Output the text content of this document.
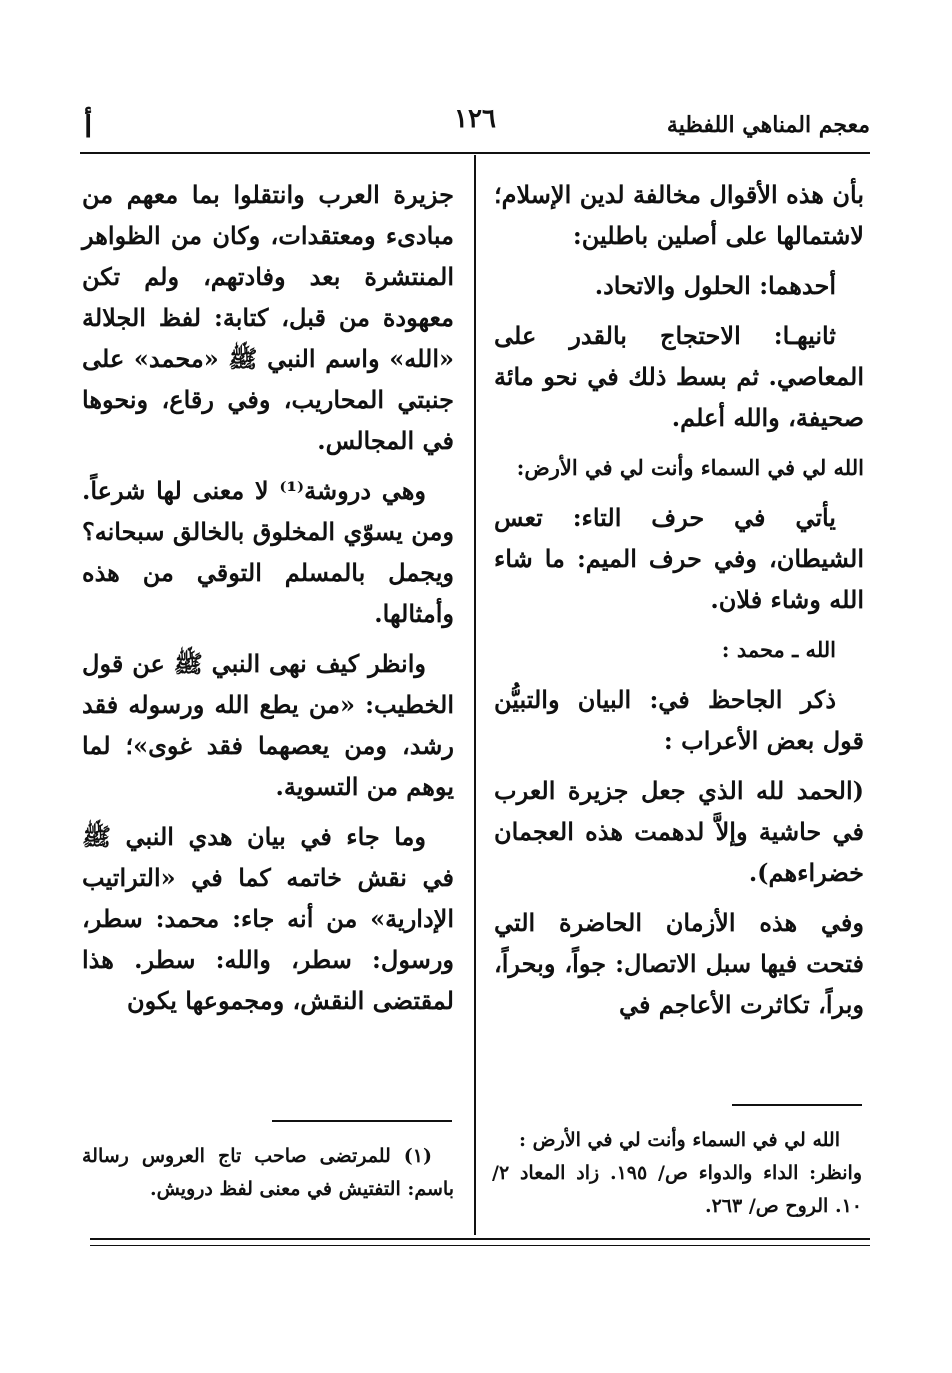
معجم المناهي اللفظية
١٢٦
أ

بأن هذه الأقوال مخالفة لدين الإسلام؛ لاشتمالها على أصلين باطلين:

أحدهما: الحلول والاتحاد.

ثانيهـا: الاحتجاج بالقدر على المعاصي. ثم بسط ذلك في نحو مائة صحيفة، والله أعلم.

الله لي في السماء وأنت لي في الأرض:

يأتي في حرف التاء: تعس الشيطان، وفي حرف الميم: ما شاء الله وشاء فلان.

الله ـ محمد :

ذكر الجاحظ في: البيان والتبيُّن قول بعض الأعراب :

(الحمد لله الذي جعل جزيرة العرب في حاشية وإلاَّ لدهمت هذه العجمان خضراءهم).

وفي هذه الأزمان الحاضرة التي فتحت فيها سبل الاتصال: جواً، وبحراً، وبراً، تكاثرت الأعاجم في

جزيرة العرب وانتقلوا بما معهم من مبادىء ومعتقدات، وكان من الظواهر المنتشرة بعد وفادتهم، ولم تكن معهودة من قبل، كتابة: لفظ الجلالة «الله» واسم النبي ﷺ «محمد» على جنبتي المحاريب، وفي رقاع، ونحوها في المجالس.

وهي دروشة⁽¹⁾ لا معنى لها شرعاً. ومن يسوّي المخلوق بالخالق سبحانه؟ ويجمل بالمسلم التوقي من هذه وأمثالها.

وانظر كيف نهى النبي ﷺ عن قول الخطيب: «من يطع الله ورسوله فقد رشد، ومن يعصهما فقد غوى»؛ لما يوهم من التسوية.

وما جاء في بيان هدي النبي ﷺ في نقش خاتمه كما في «التراتيب الإدارية» من أنه جاء: محمد: سطر، ورسول: سطر، والله: سطر. هذا لمقتضى النقش، ومجموعها يكون

الله لي في السماء وأنت لي في الأرض :

وانظر: الداء والدواء ص/ ١٩٥. زاد المعاد ٢/ ١٠. الروح ص/ ٢٦٣.

(١) للمرتضى صاحب تاج العروس رسالة باسم: التفتيش في معنى لفظ درويش.
